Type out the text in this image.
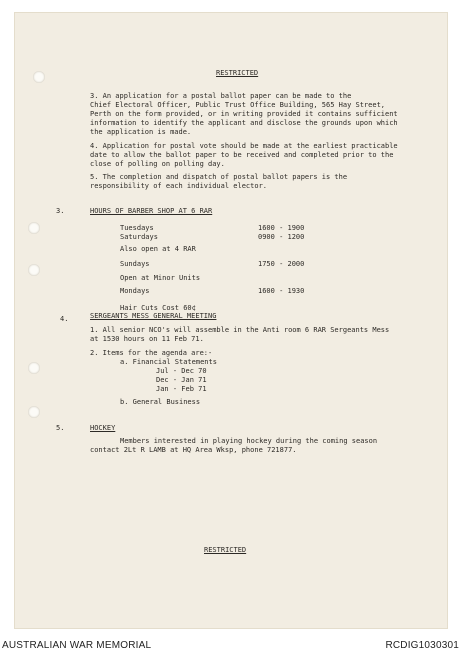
RESTRICTED
3. An application for a postal ballot paper can be made to the
Chief Electoral Officer, Public Trust Office Building, 565 Hay Street,
Perth on the form provided, or in writing provided it contains sufficient
information to identify the applicant and disclose the grounds upon which
the application is made.
4. Application for postal vote should be made at the earliest practicable
date to allow the ballot paper to be received and completed prior to the
close of polling on polling day.
5. The completion and dispatch of postal ballot papers is the
responsibility of each individual elector.
3.	HOURS OF BARBER SHOP AT 6 RAR
Tuesdays	1600 - 1900
Saturdays	0900 - 1200
Also open at 4 RAR
Sundays	1750 - 2000
Open at Minor Units
Mondays	1600 - 1930
Hair Cuts Cost 60¢
4.	SERGEANTS MESS GENERAL MEETING
1. All senior NCO's will assemble in the Anti room 6 RAR Sergeants Mess
at 1530 hours on 11 Feb 71.
2. Items for the agenda are:-
a. Financial Statements
Jul - Dec 70
Dec - Jan 71
Jan - Feb 71
b. General Business
5.	HOCKEY
Members interested in playing hockey during the coming season
contact 2Lt R LAMB at HQ Area Wksp, phone 721877.
RESTRICTED
AUSTRALIAN WAR MEMORIAL	RCDIG1030301
